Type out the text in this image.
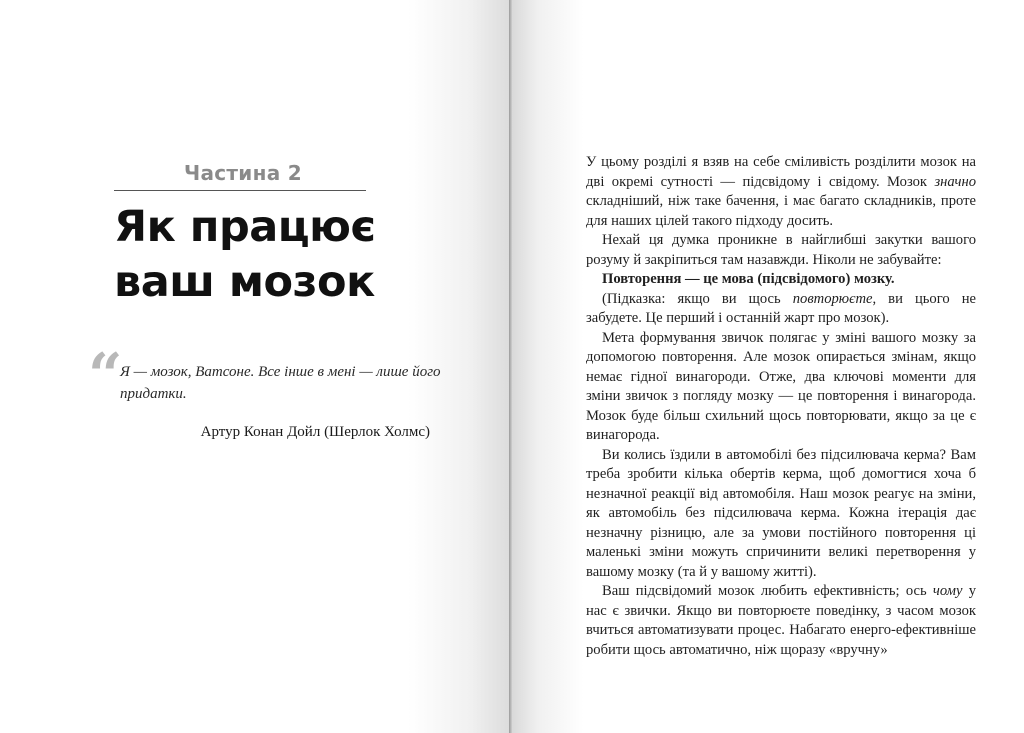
Частина 2
Як працює
ваш мозок
“
Я — мозок, Ватсоне. Все інше в мені — лише його придатки.
Артур Конан Дойл (Шерлок Холмс)

У цьому розділі я взяв на себе сміливість розділити мозок на дві окремі сутності — підсвідому і свідому. Мозок значно складніший, ніж таке бачення, і має багато складників, проте для наших цілей такого підходу досить.

Нехай ця думка проникне в найглибші закутки вашого розуму й закріпиться там назавжди. Ніколи не забувайте:

Повторення — це мова (підсвідомого) мозку.

(Підказка: якщо ви щось повторюєте, ви цього не забудете. Це перший і останній жарт про мозок).

Мета формування звичок полягає у зміні вашого мозку за допомогою повторення. Але мозок опирається змінам, якщо немає гідної винагороди. Отже, два ключові моменти для зміни звичок з погляду мозку — це повторення і винагорода. Мозок буде більш схильний щось повторювати, якщо за це є винагорода.

Ви колись їздили в автомобілі без підсилювача керма? Вам треба зробити кілька обертів керма, щоб домогтися хоча б незначної реакції від автомобіля. Наш мозок реагує на зміни, як автомобіль без підсилювача керма. Кожна ітерація дає незначну різницю, але за умови постійного повторення ці маленькі зміни можуть спричинити великі перетворення у вашому мозку (та й у вашому житті).

Ваш підсвідомий мозок любить ефективність; ось чому у нас є звички. Якщо ви повторюєте поведінку, з часом мозок вчиться автоматизувати процес. Набагато енерго-ефективніше робити щось автоматично, ніж щоразу «вручну»
